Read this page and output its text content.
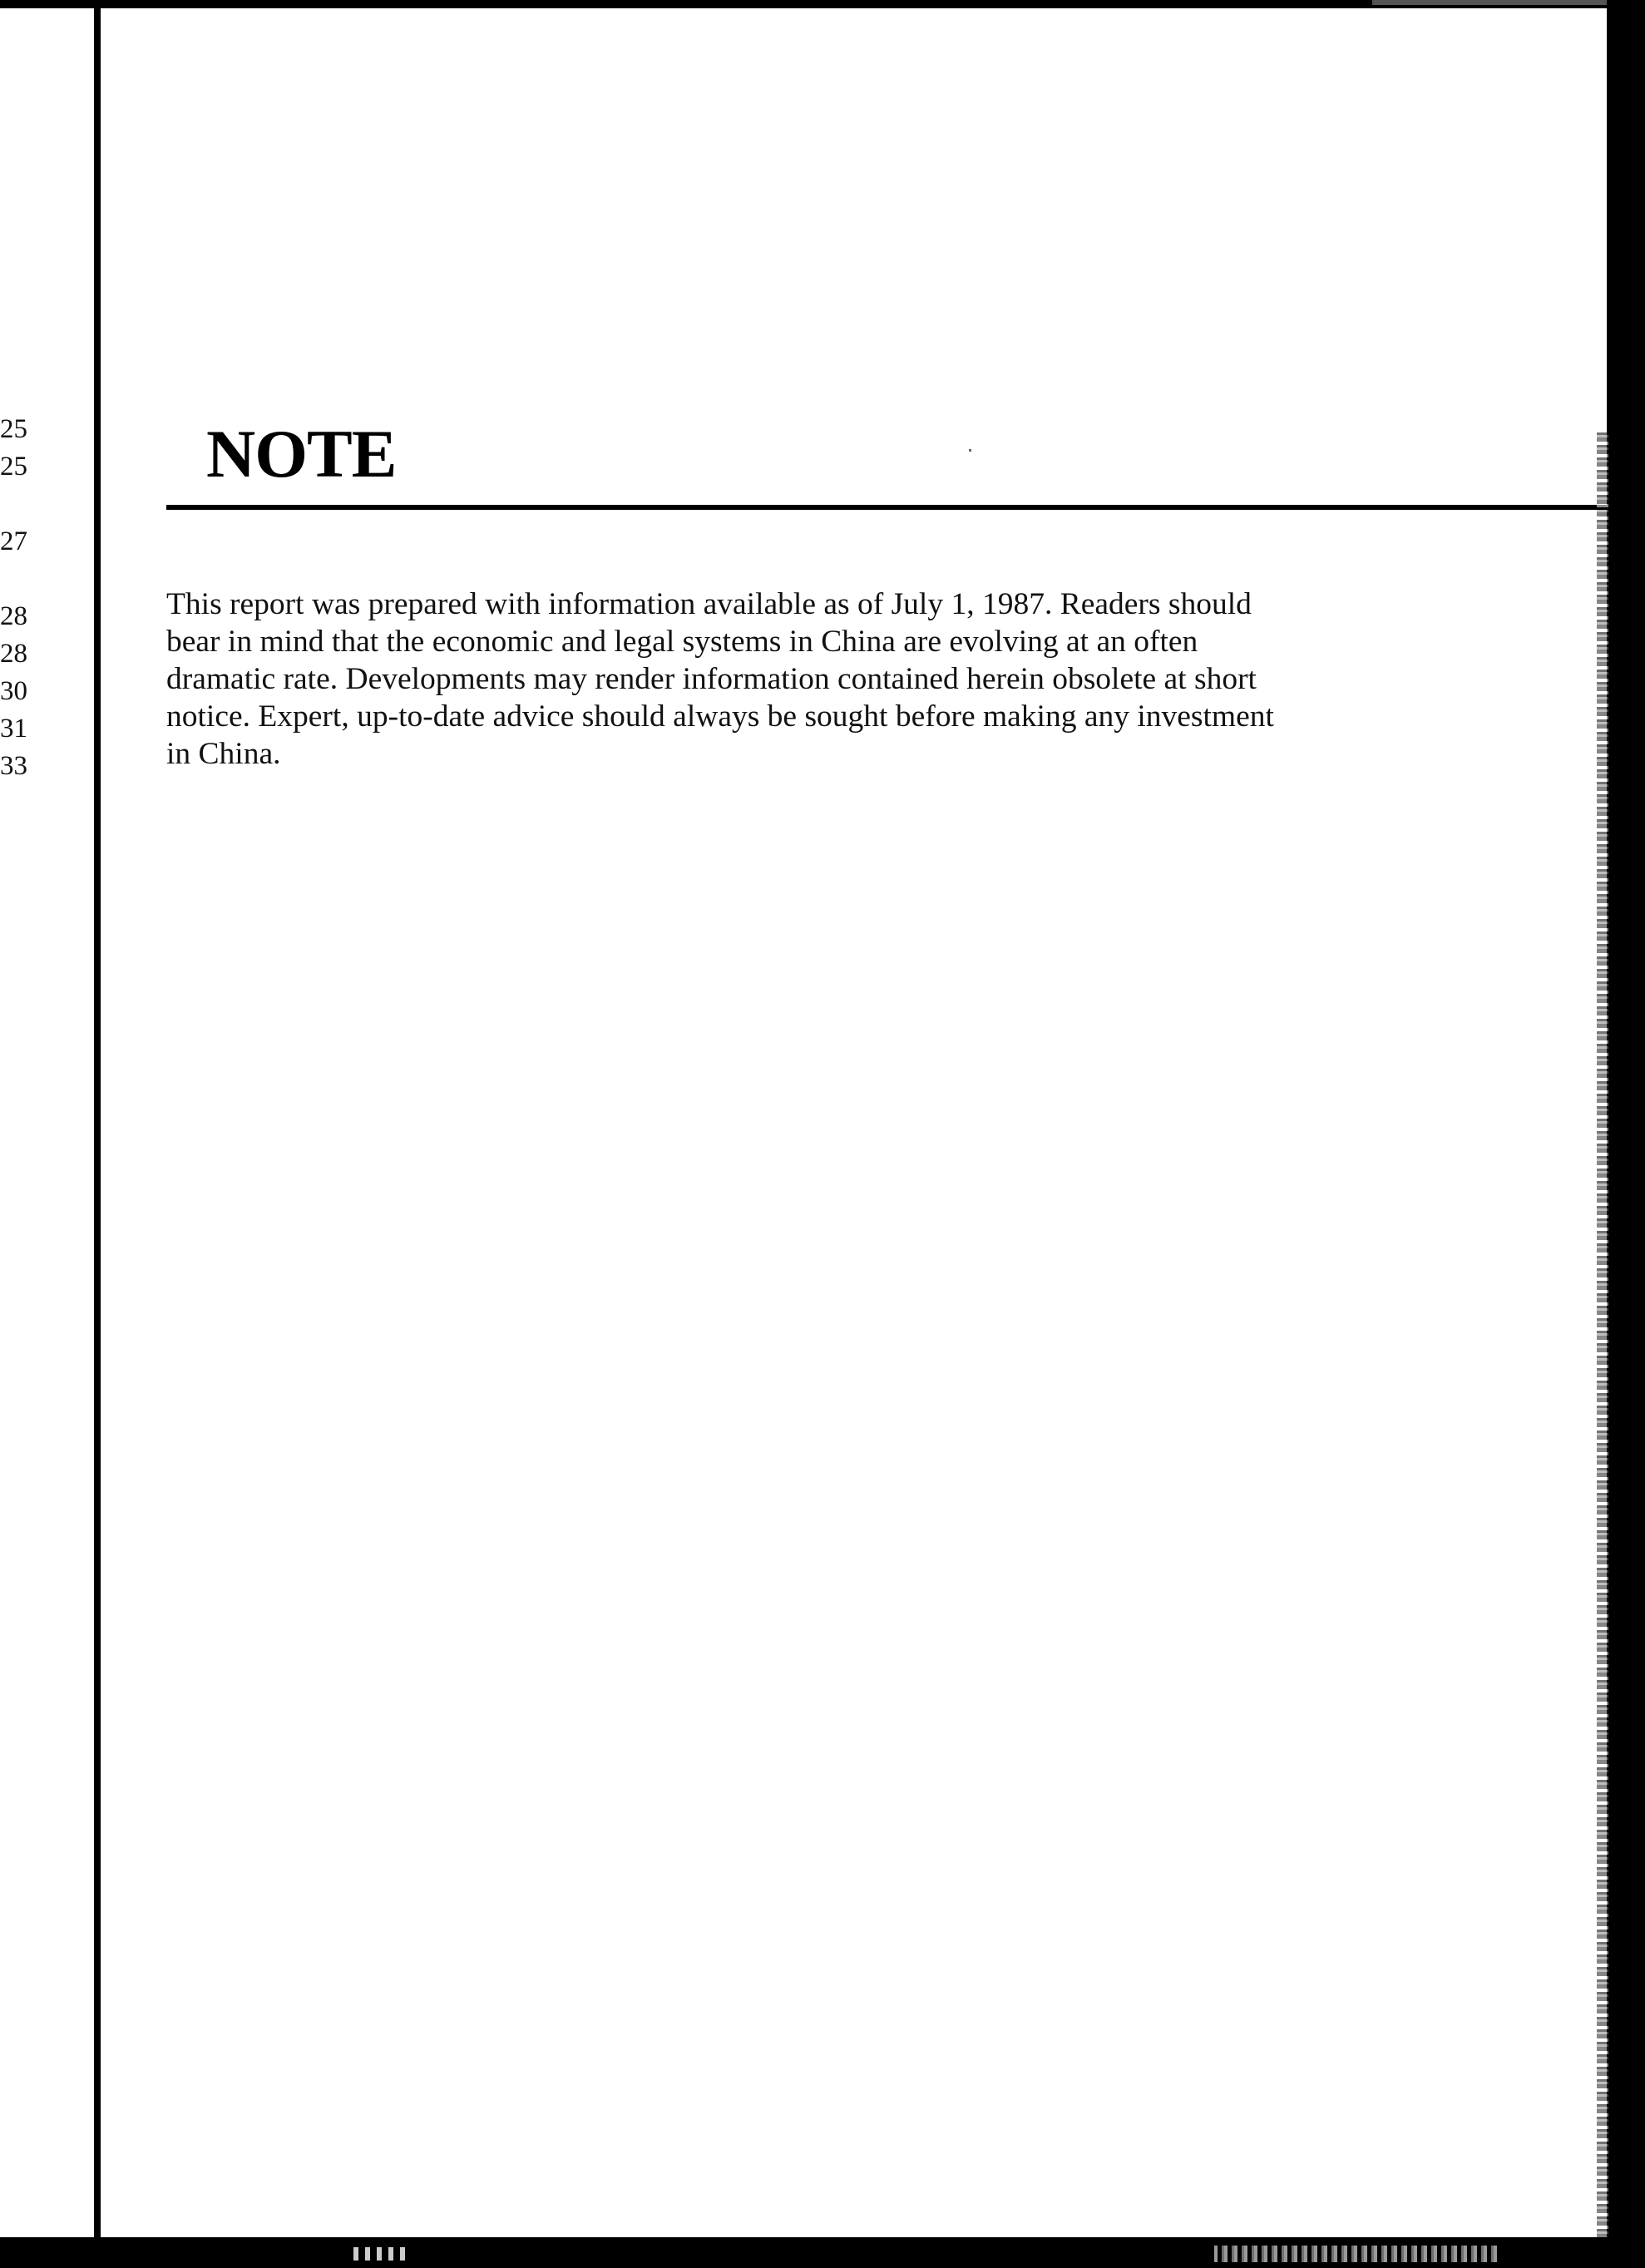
25
25
27
28
28
30
31
33
NOTE
This report was prepared with information available as of July 1, 1987. Readers should
bear in mind that the economic and legal systems in China are evolving at an often
dramatic rate. Developments may render information contained herein obsolete at short
notice. Expert, up-to-date advice should always be sought before making any investment
in China.
